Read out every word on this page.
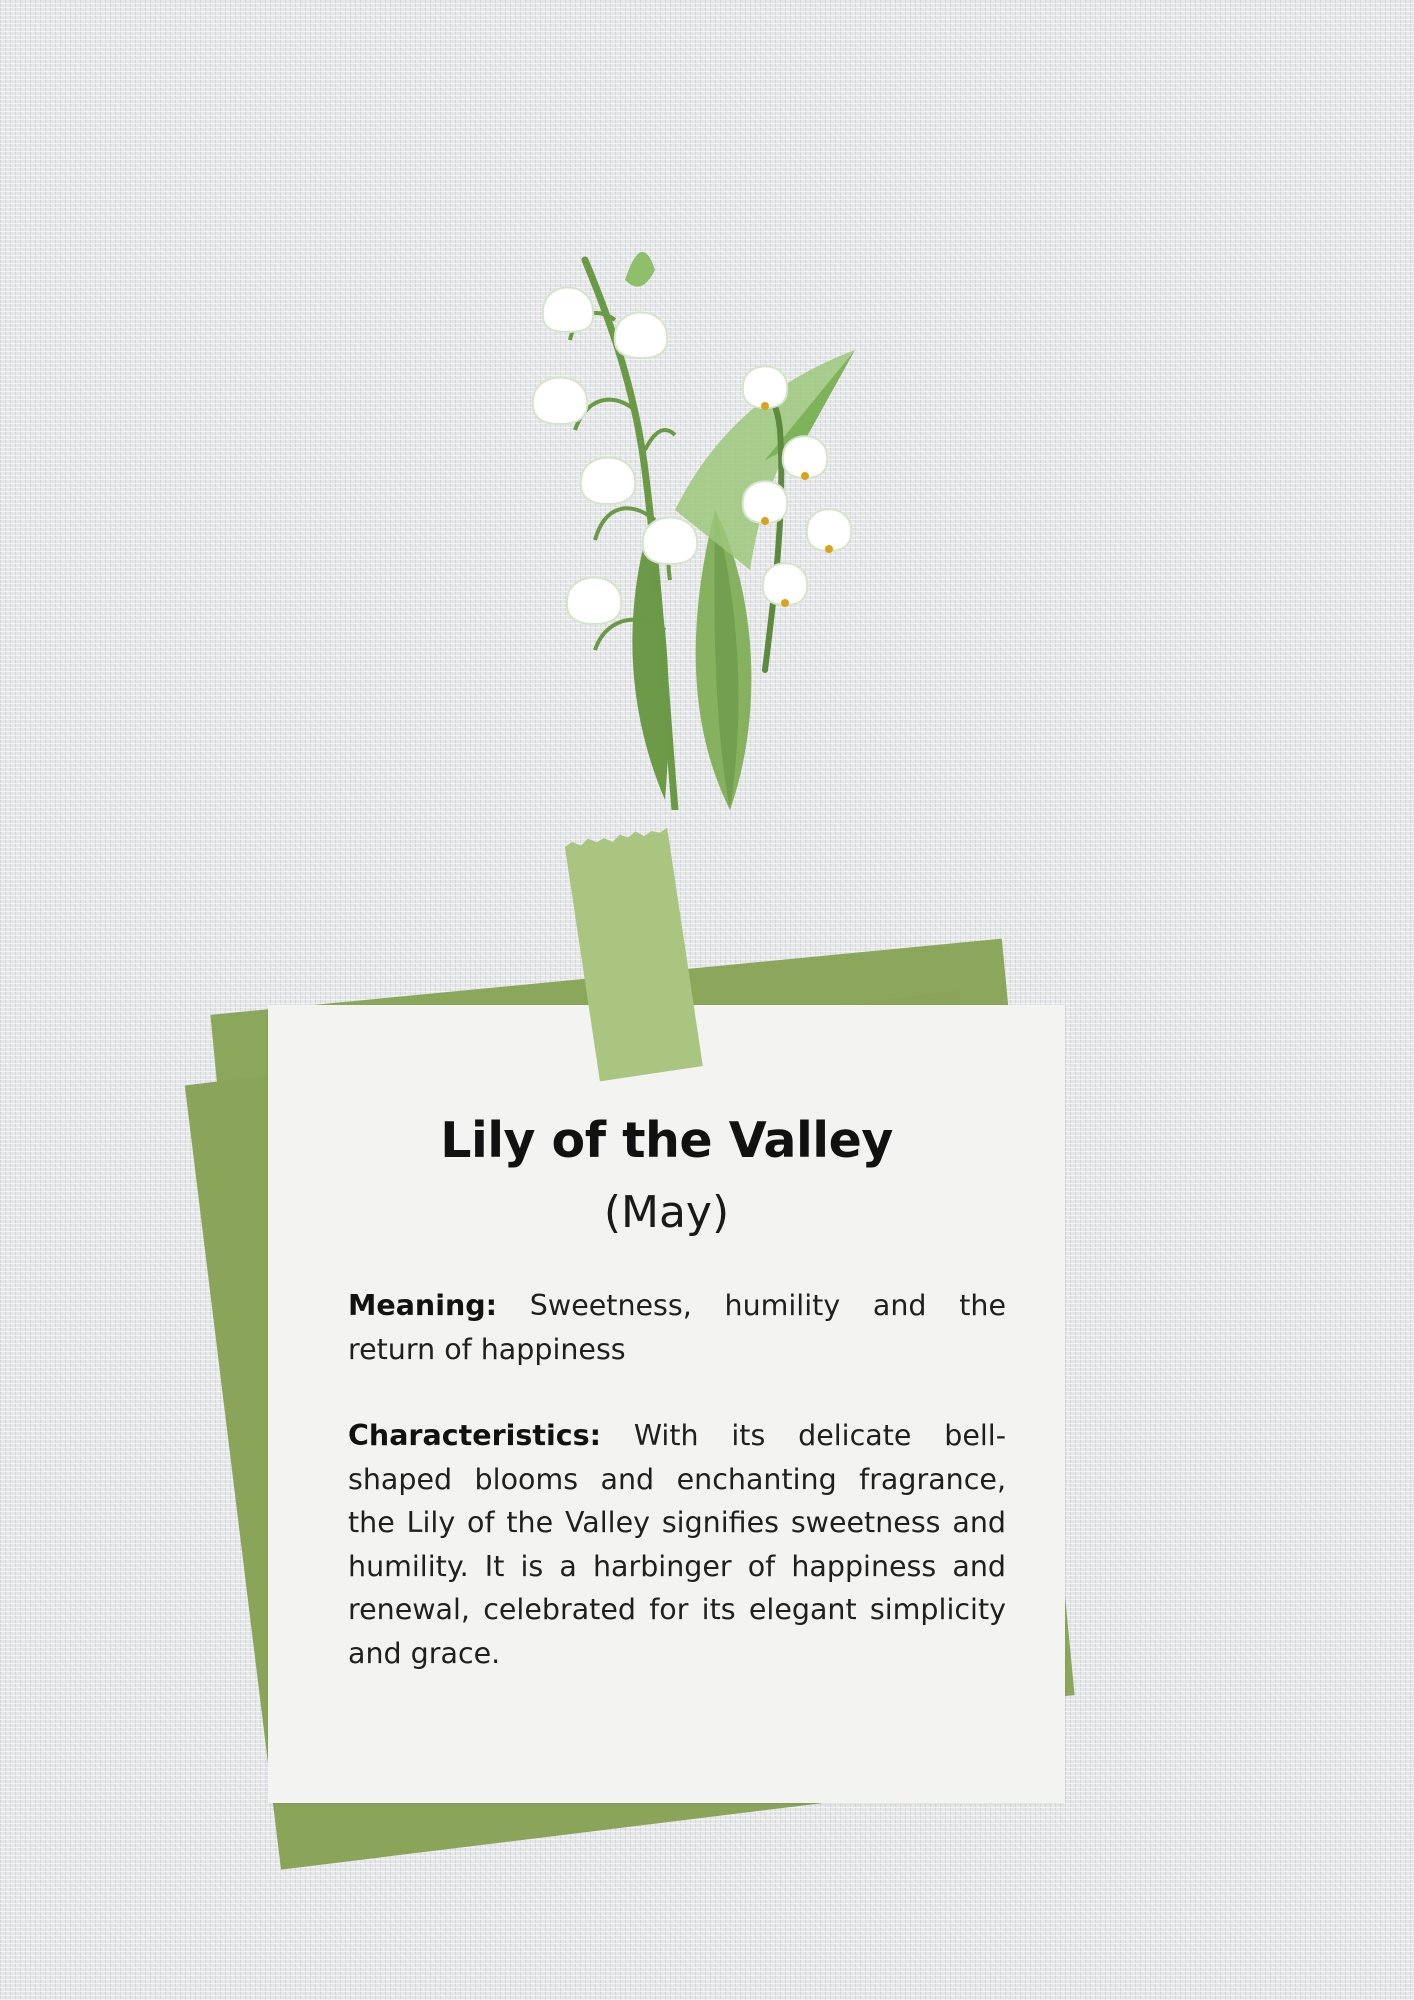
Lily of the Valley
(May)
Meaning: Sweetness, humility and the return of happiness
Characteristics: With its delicate bell-shaped blooms and enchanting fragrance, the Lily of the Valley signifies sweetness and humility. It is a harbinger of happiness and renewal, celebrated for its elegant simplicity and grace.
